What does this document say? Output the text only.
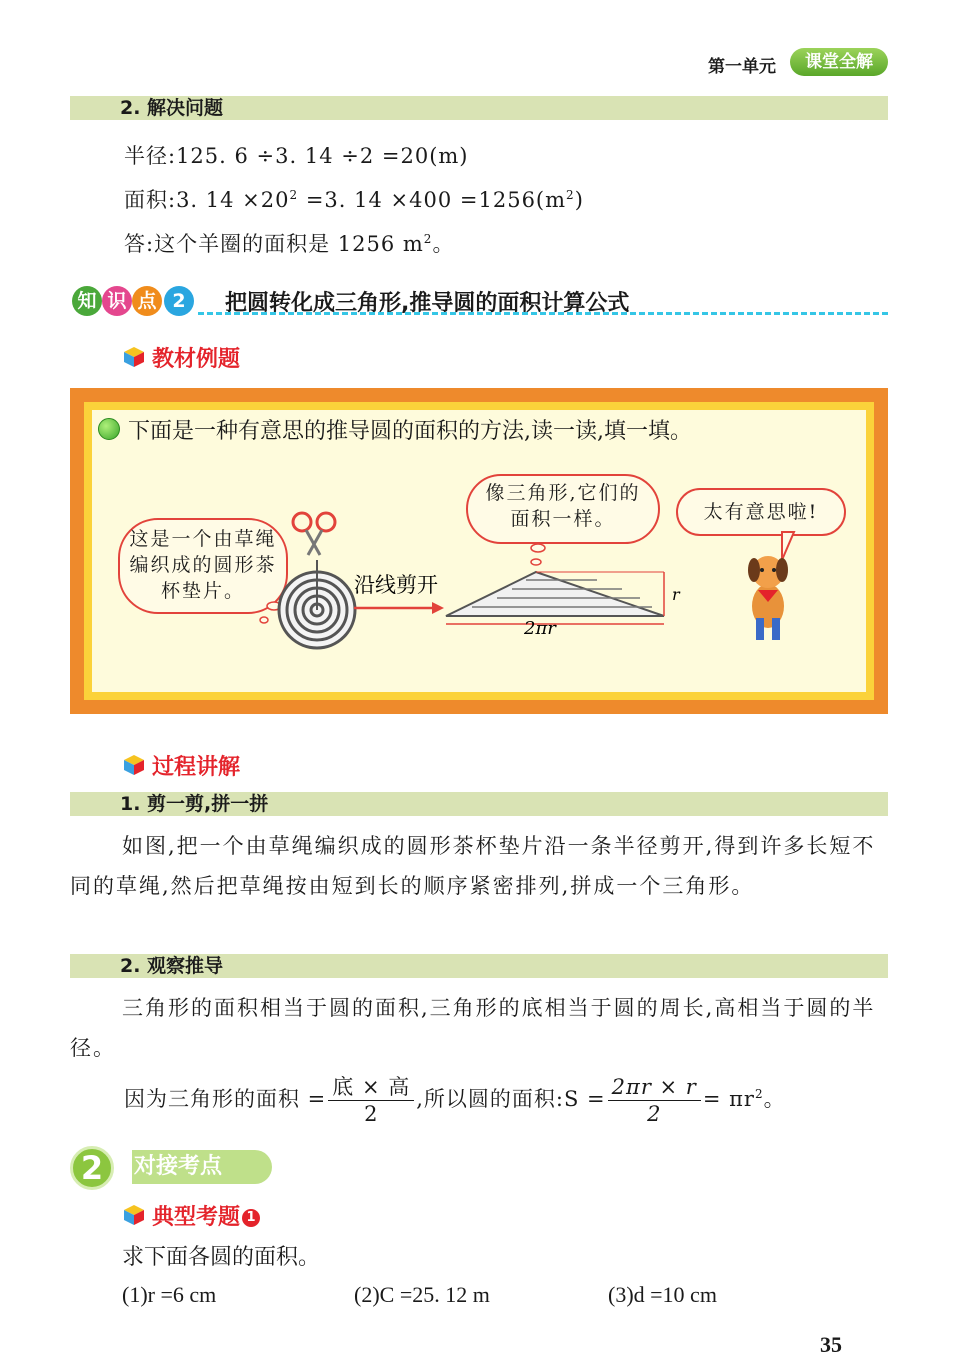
第一单元	课堂全解
2. 解决问题
半径:125. 6 ÷3. 14 ÷2 =20(m)
面积:3. $14 \times 20^2 =3$. $14 \times 400 =1256(m^2)$
答:这个羊圈的面积是 1256 $m^2$。
知 识 点 2	把圆转化成三角形,推导圆的面积计算公式
教材例题
下面是一种有意思的推导圆的面积的方法,读一读,填一填。
这是一个由草绳编织成的圆形茶杯垫片。
像三角形,它们的面积一样。	太有意思啦!
沿线剪开
2πr
r
过程讲解
1. 剪一剪,拼一拼
如图,把一个由草绳编织成的圆形茶杯垫片沿一条半径剪开,得到许多长短不同的草绳,然后把草绳按由短到长的顺序紧密排列,拼成一个三角形。
2. 观察推导
三角形的面积相当于圆的面积,三角形的底相当于圆的周长,高相当于圆的半径。
因为三角形的面积 = $\frac{\text{底 × 高}}{2}$ ,所以圆的面积:S = $\frac{2\pi r \times r}{2} = \pi r^2$。
对接考点
2
典型考题 1
求下面各圆的面积。
(1)r =6 cm	(2)C =25. 12 m	(3)d =10 cm
35
